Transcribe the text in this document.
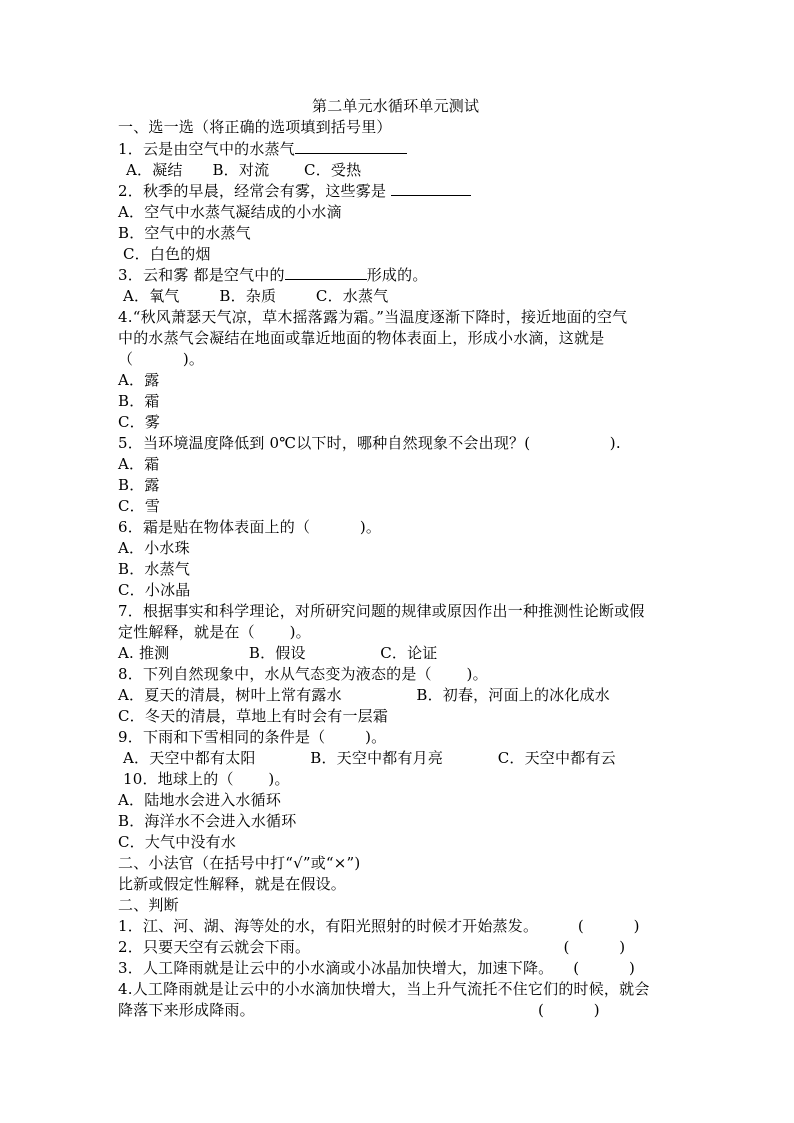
第二单元水循环单元测试
一、选一选（将正确的选项填到括号里）
1．云是由空气中的水蒸气
A．凝结      B．对流       C．受热
2．秋季的早晨，经常会有雾，这些雾是
A．空气中水蒸气凝结成的小水滴
B．空气中的水蒸气
C．白色的烟
3．云和雾 都是空气中的	形成的。
A．氧气        B．杂质        C．水蒸气
4.“秋风萧瑟天气凉，草木摇落露为霜。”当温度逐渐下降时，接近地面的空气
中的水蒸气会凝结在地面或靠近地面的物体表面上，形成小水滴，这就是
（          )。
A．露
B．霜
C．雾
5．当环境温度降低到 0℃以下时，哪种自然现象不会出现？(                ).
A．霜
B．露
C．雪
6．霜是贴在物体表面上的（          )。
A．小水珠
B．水蒸气
C．小冰晶
7．根据事实和科学理论，对所研究问题的规律或原因作出一种推测性论断或假
定性解释，就是在（       )。
A. 推测                B．假设               C．论证
8．下列自然现象中，水从气态变为液态的是（       )。
A．夏天的清晨，树叶上常有露水               B．初春，河面上的冰化成水
C．冬天的清晨，草地上有时会有一层霜
9．下雨和下雪相同的条件是（        )。
A．天空中都有太阳           B．天空中都有月亮           C．天空中都有云
10．地球上的（       )。
A．陆地水会进入水循环
B．海洋水不会进入水循环
C．大气中没有水
二、小法官（在括号中打“√”或“×”)
比新或假定性解释，就是在假设。
二、判断
1．江、河、湖、海等处的水，有阳光照射的时候才开始蒸发。        (          )
2．只要天空有云就会下雨。                                                   (          )
3．人工降雨就是让云中的小水滴或小冰晶加快增大，加速下降。    (          )
4.人工降雨就是让云中的小水滴加快增大，当上升气流托不住它们的时候，就会
降落下来形成降雨。                                                         (          )
